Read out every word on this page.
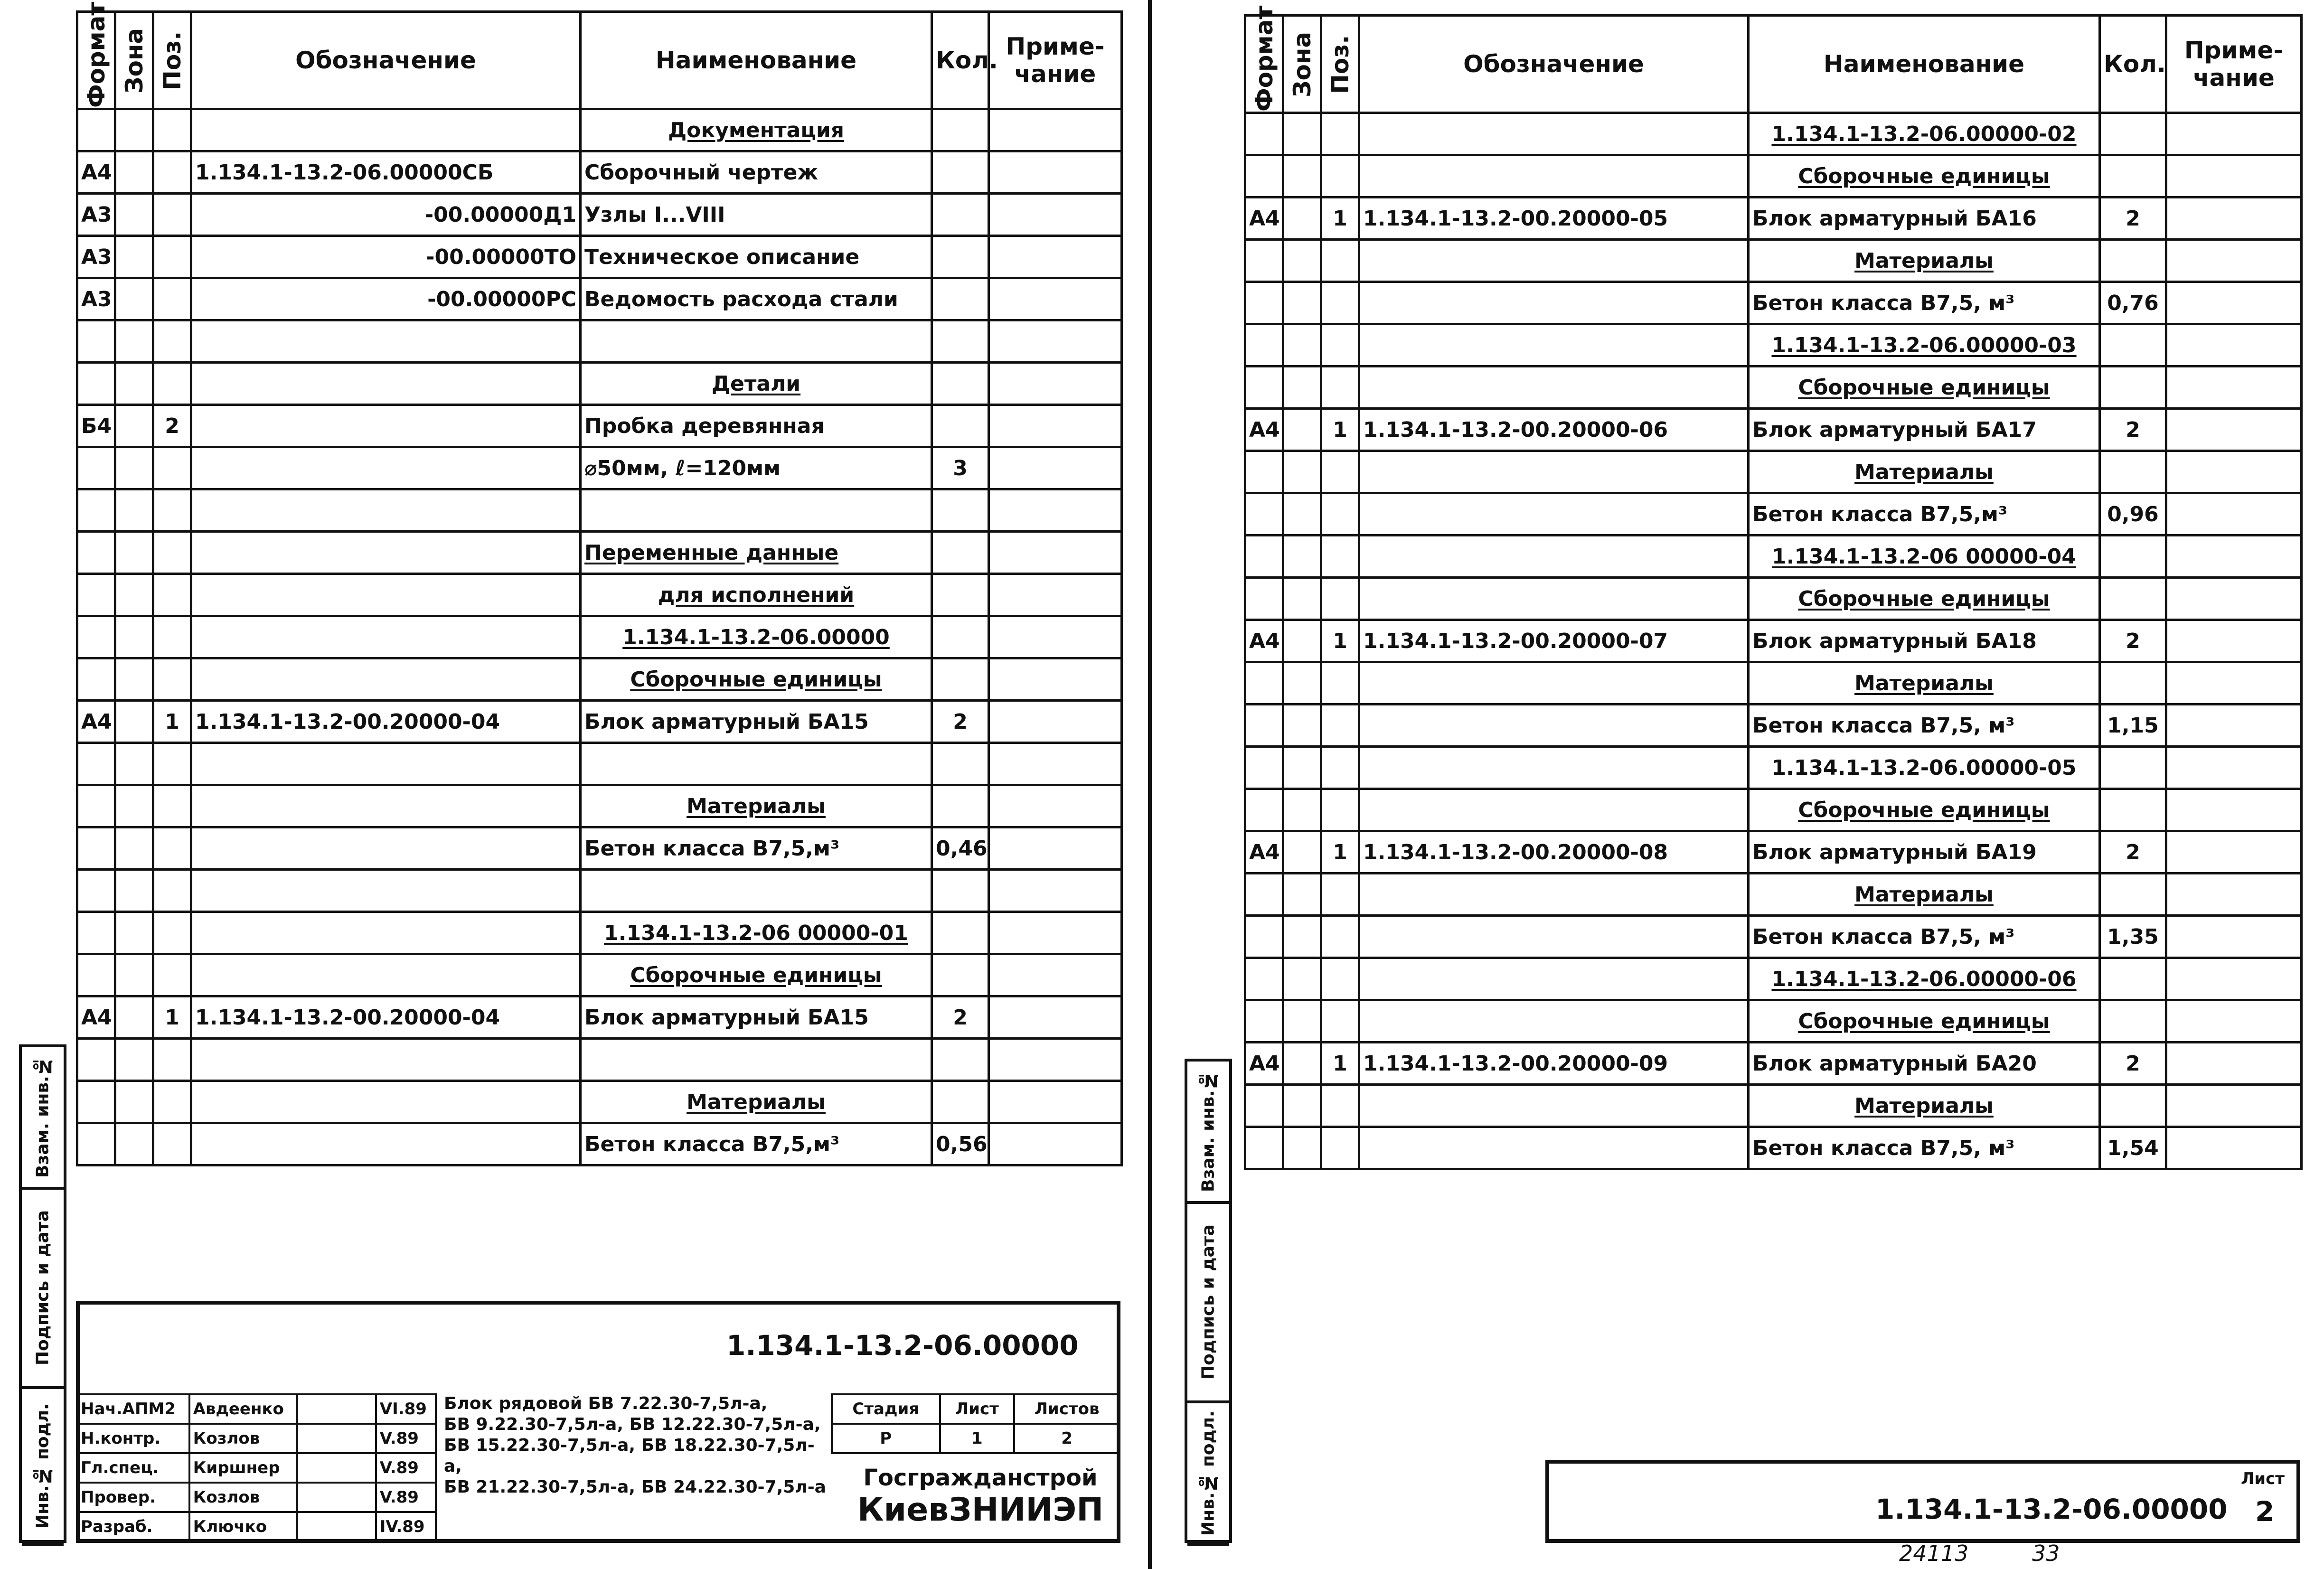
Формат	Зона	Поз.	Обозначение	Наименование	Кол.	Приме-чание
				Документация		
А4			1.134.1-13.2-06.00000СБ	Сборочный чертеж		
А3			-00.00000Д1	Узлы I...VIII		
А3			-00.00000ТО	Техническое описание		
А3			-00.00000РС	Ведомость расхода стали		

				Детали		
Б4		2		Пробка деревянная		
				⌀50мм, ℓ=120мм	3	

				Переменные данные		
				для исполнений		
				1.134.1-13.2-06.00000		
				Сборочные единицы		
А4		1	1.134.1-13.2-00.20000-04	Блок арматурный БА15	2	

				Материалы		
				Бетон класса В7,5,м³	0,46	

				1.134.1-13.2-06 00000-01		
				Сборочные единицы		
А4		1	1.134.1-13.2-00.20000-04	Блок арматурный БА15	2	

				Материалы		
				Бетон класса В7,5,м³	0,56	
Взам. инв.№
Подпись и дата
Инв.№ подл.
1.134.1-13.2-06.00000
Нач.АПМ2	Авдеенко		VI.89
Н.контр.	Козлов		V.89
Гл.спец.	Киршнер		V.89
Провер.	Козлов		V.89
Разраб.	Ключко		IV.89
Блок рядовой БВ 7.22.30-7,5л-а,
БВ 9.22.30-7,5л-а, БВ 12.22.30-7,5л-а,
БВ 15.22.30-7,5л-а, БВ 18.22.30-7,5л-а,
БВ 21.22.30-7,5л-а, БВ 24.22.30-7,5л-а
Стадия	Лист	Листов
Р	1	2
Госгражданстрой
КиевЗНИИЭП
Формат	Зона	Поз.	Обозначение	Наименование	Кол.	Приме-чание
				1.134.1-13.2-06.00000-02		
				Сборочные единицы		
А4		1	1.134.1-13.2-00.20000-05	Блок арматурный БА16	2	
				Материалы		
				Бетон класса В7,5, м³	0,76	
				1.134.1-13.2-06.00000-03		
				Сборочные единицы		
А4		1	1.134.1-13.2-00.20000-06	Блок арматурный БА17	2	
				Материалы		
				Бетон класса В7,5,м³	0,96	
				1.134.1-13.2-06 00000-04		
				Сборочные единицы		
А4		1	1.134.1-13.2-00.20000-07	Блок арматурный БА18	2	
				Материалы		
				Бетон класса В7,5, м³	1,15	
				1.134.1-13.2-06.00000-05		
				Сборочные единицы		
А4		1	1.134.1-13.2-00.20000-08	Блок арматурный БА19	2	
				Материалы		
				Бетон класса В7,5, м³	1,35	
				1.134.1-13.2-06.00000-06		
				Сборочные единицы		
А4		1	1.134.1-13.2-00.20000-09	Блок арматурный БА20	2	
				Материалы		
				Бетон класса В7,5, м³	1,54	
Взам. инв.№
Подпись и дата
Инв.№ подл.	1.134.1-13.2-06.00000
Лист
2
24113	33
